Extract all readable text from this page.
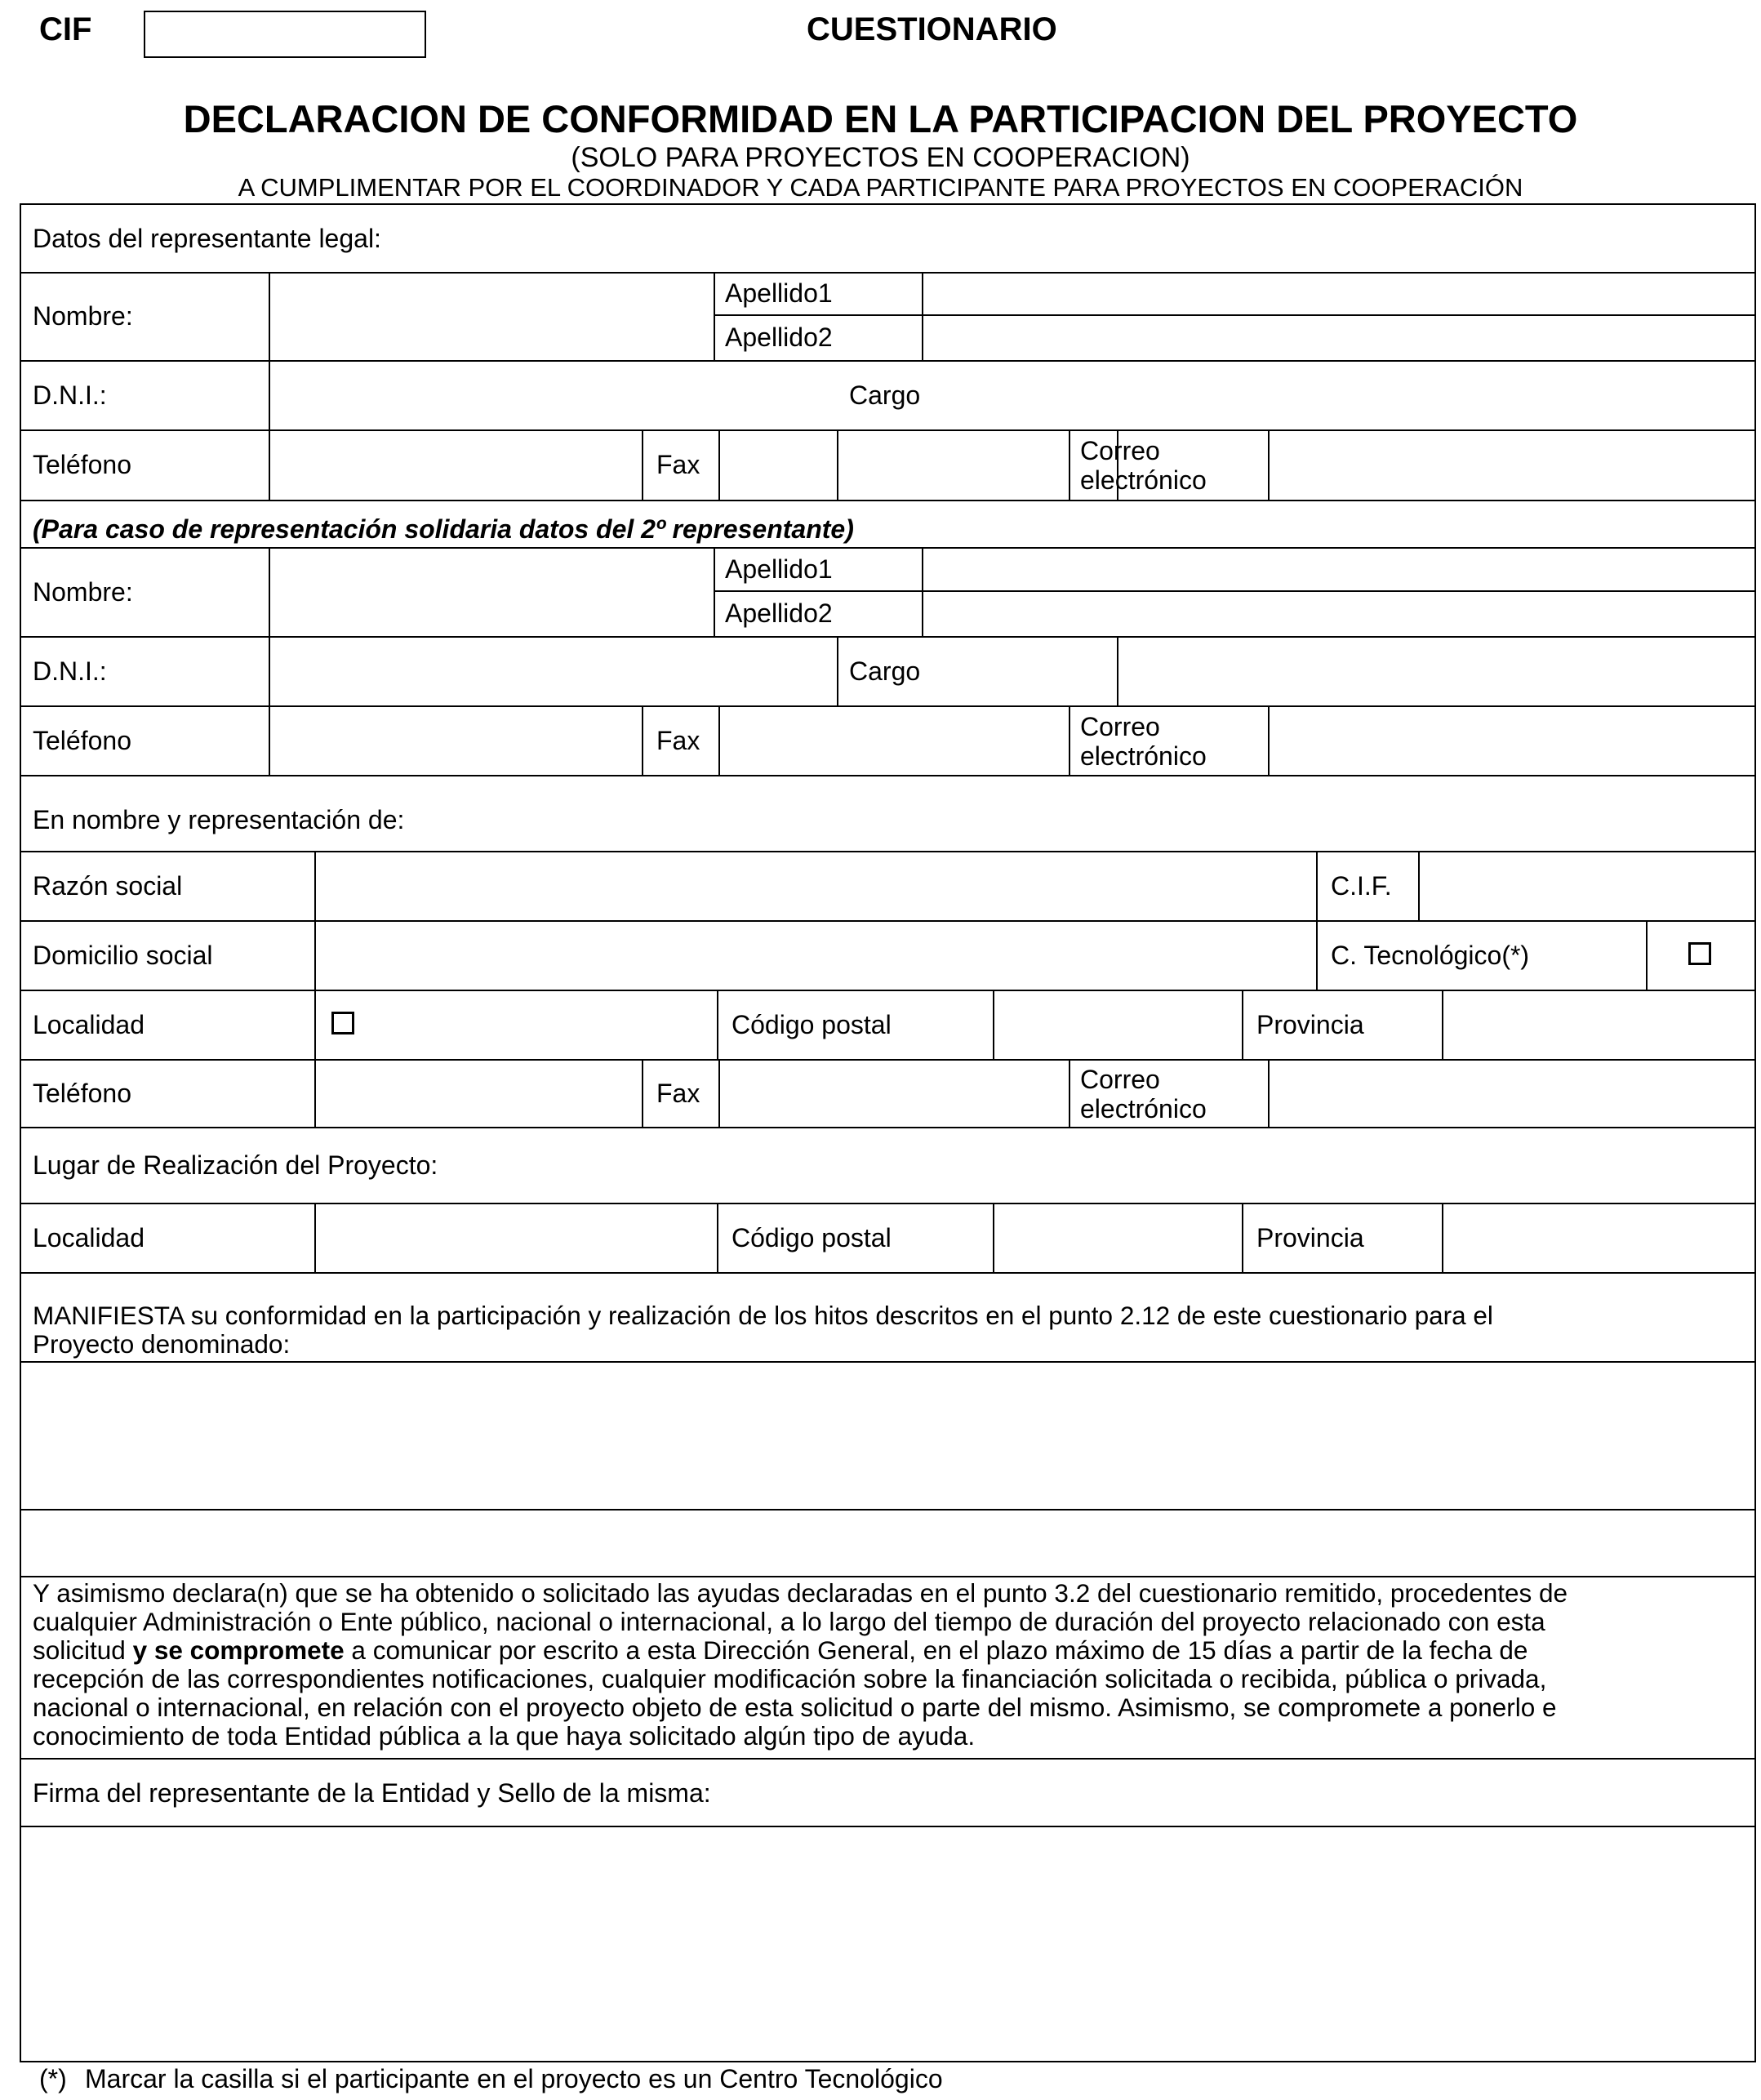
CIF	CUESTIONARIO
DECLARACION DE CONFORMIDAD EN LA PARTICIPACION DEL PROYECTO
(SOLO PARA PROYECTOS EN COOPERACION)
A CUMPLIMENTAR POR EL COORDINADOR Y CADA PARTICIPANTE PARA PROYECTOS EN COOPERACIÓN
Datos del representante legal:
Nombre:
Apellido1
Apellido2
D.N.I.:	Cargo
Teléfono	Fax	Correo
electrónico
(Para caso de representación solidaria datos del 2º representante)
Nombre:
Apellido1
Apellido2
D.N.I.:	Cargo
Teléfono	Fax	Correo
electrónico
En nombre y representación de:
Razón social	C.I.F.
Domicilio social	C. Tecnológico(*)
Localidad	Código postal	Provincia
Teléfono	Fax	Correo
electrónico
Lugar de Realización del Proyecto:
Localidad	Código postal	Provincia
MANIFIESTA su conformidad en la participación y realización de los hitos descritos en el punto 2.12 de este cuestionario para el
Proyecto denominado:
Y asimismo declara(n) que se ha obtenido o solicitado las ayudas declaradas en el punto 3.2 del cuestionario remitido, procedentes de
cualquier Administración o Ente público, nacional o internacional, a lo largo del tiempo de duración del proyecto relacionado con esta
solicitud y se compromete a comunicar por escrito a esta Dirección General, en el plazo máximo de 15 días a partir de la fecha de
recepción de las correspondientes notificaciones, cualquier modificación sobre la financiación solicitada o recibida, pública o privada,
nacional o internacional, en relación con el proyecto objeto de esta solicitud o parte del mismo. Asimismo, se compromete a ponerlo e
conocimiento de toda Entidad pública a la que haya solicitado algún tipo de ayuda.
Firma del representante de la Entidad y Sello de la misma:
(*) Marcar la casilla si el participante en el proyecto es un Centro Tecnológico
